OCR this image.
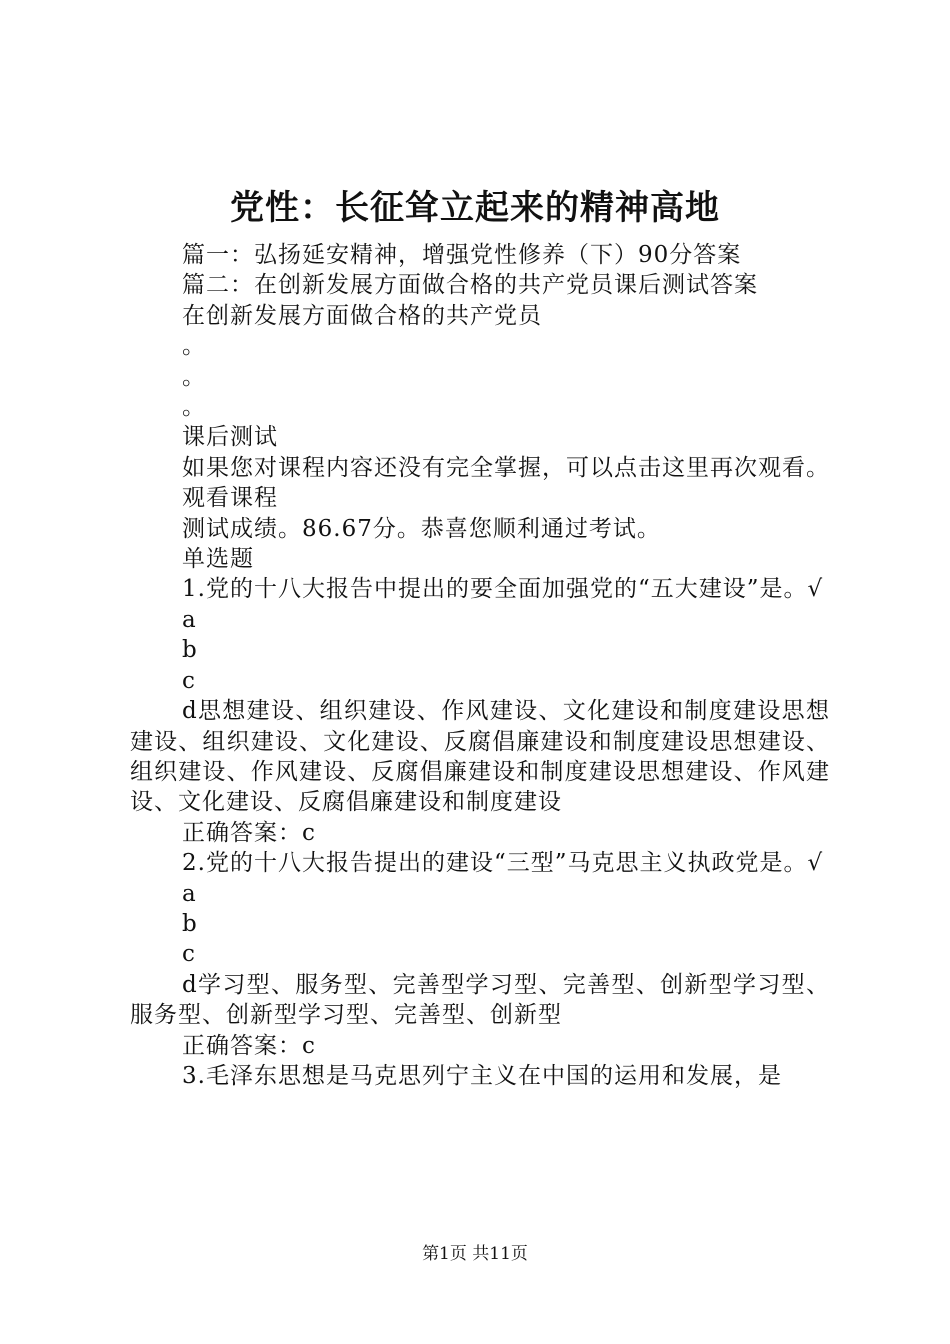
党性：长征耸立起来的精神高地

篇一：弘扬延安精神，增强党性修养（下）90分答案

篇二：在创新发展方面做合格的共产党员课后测试答案

在创新发展方面做合格的共产党员

。

。

。

课后测试

如果您对课程内容还没有完全掌握，可以点击这里再次观看。

观看课程

测试成绩。86.67分。恭喜您顺利通过考试。

单选题

1.党的十八大报告中提出的要全面加强党的“五大建设”是。√

a

b

c

d思想建设、组织建设、作风建设、文化建设和制度建设思想建设、组织建设、文化建设、反腐倡廉建设和制度建设思想建设、组织建设、作风建设、反腐倡廉建设和制度建设思想建设、作风建设、文化建设、反腐倡廉建设和制度建设

正确答案：c

2.党的十八大报告提出的建设“三型”马克思主义执政党是。√

a

b

c

d学习型、服务型、完善型学习型、完善型、创新型学习型、服务型、创新型学习型、完善型、创新型

正确答案：c

3.毛泽东思想是马克思列宁主义在中国的运用和发展，是

第1页 共11页
